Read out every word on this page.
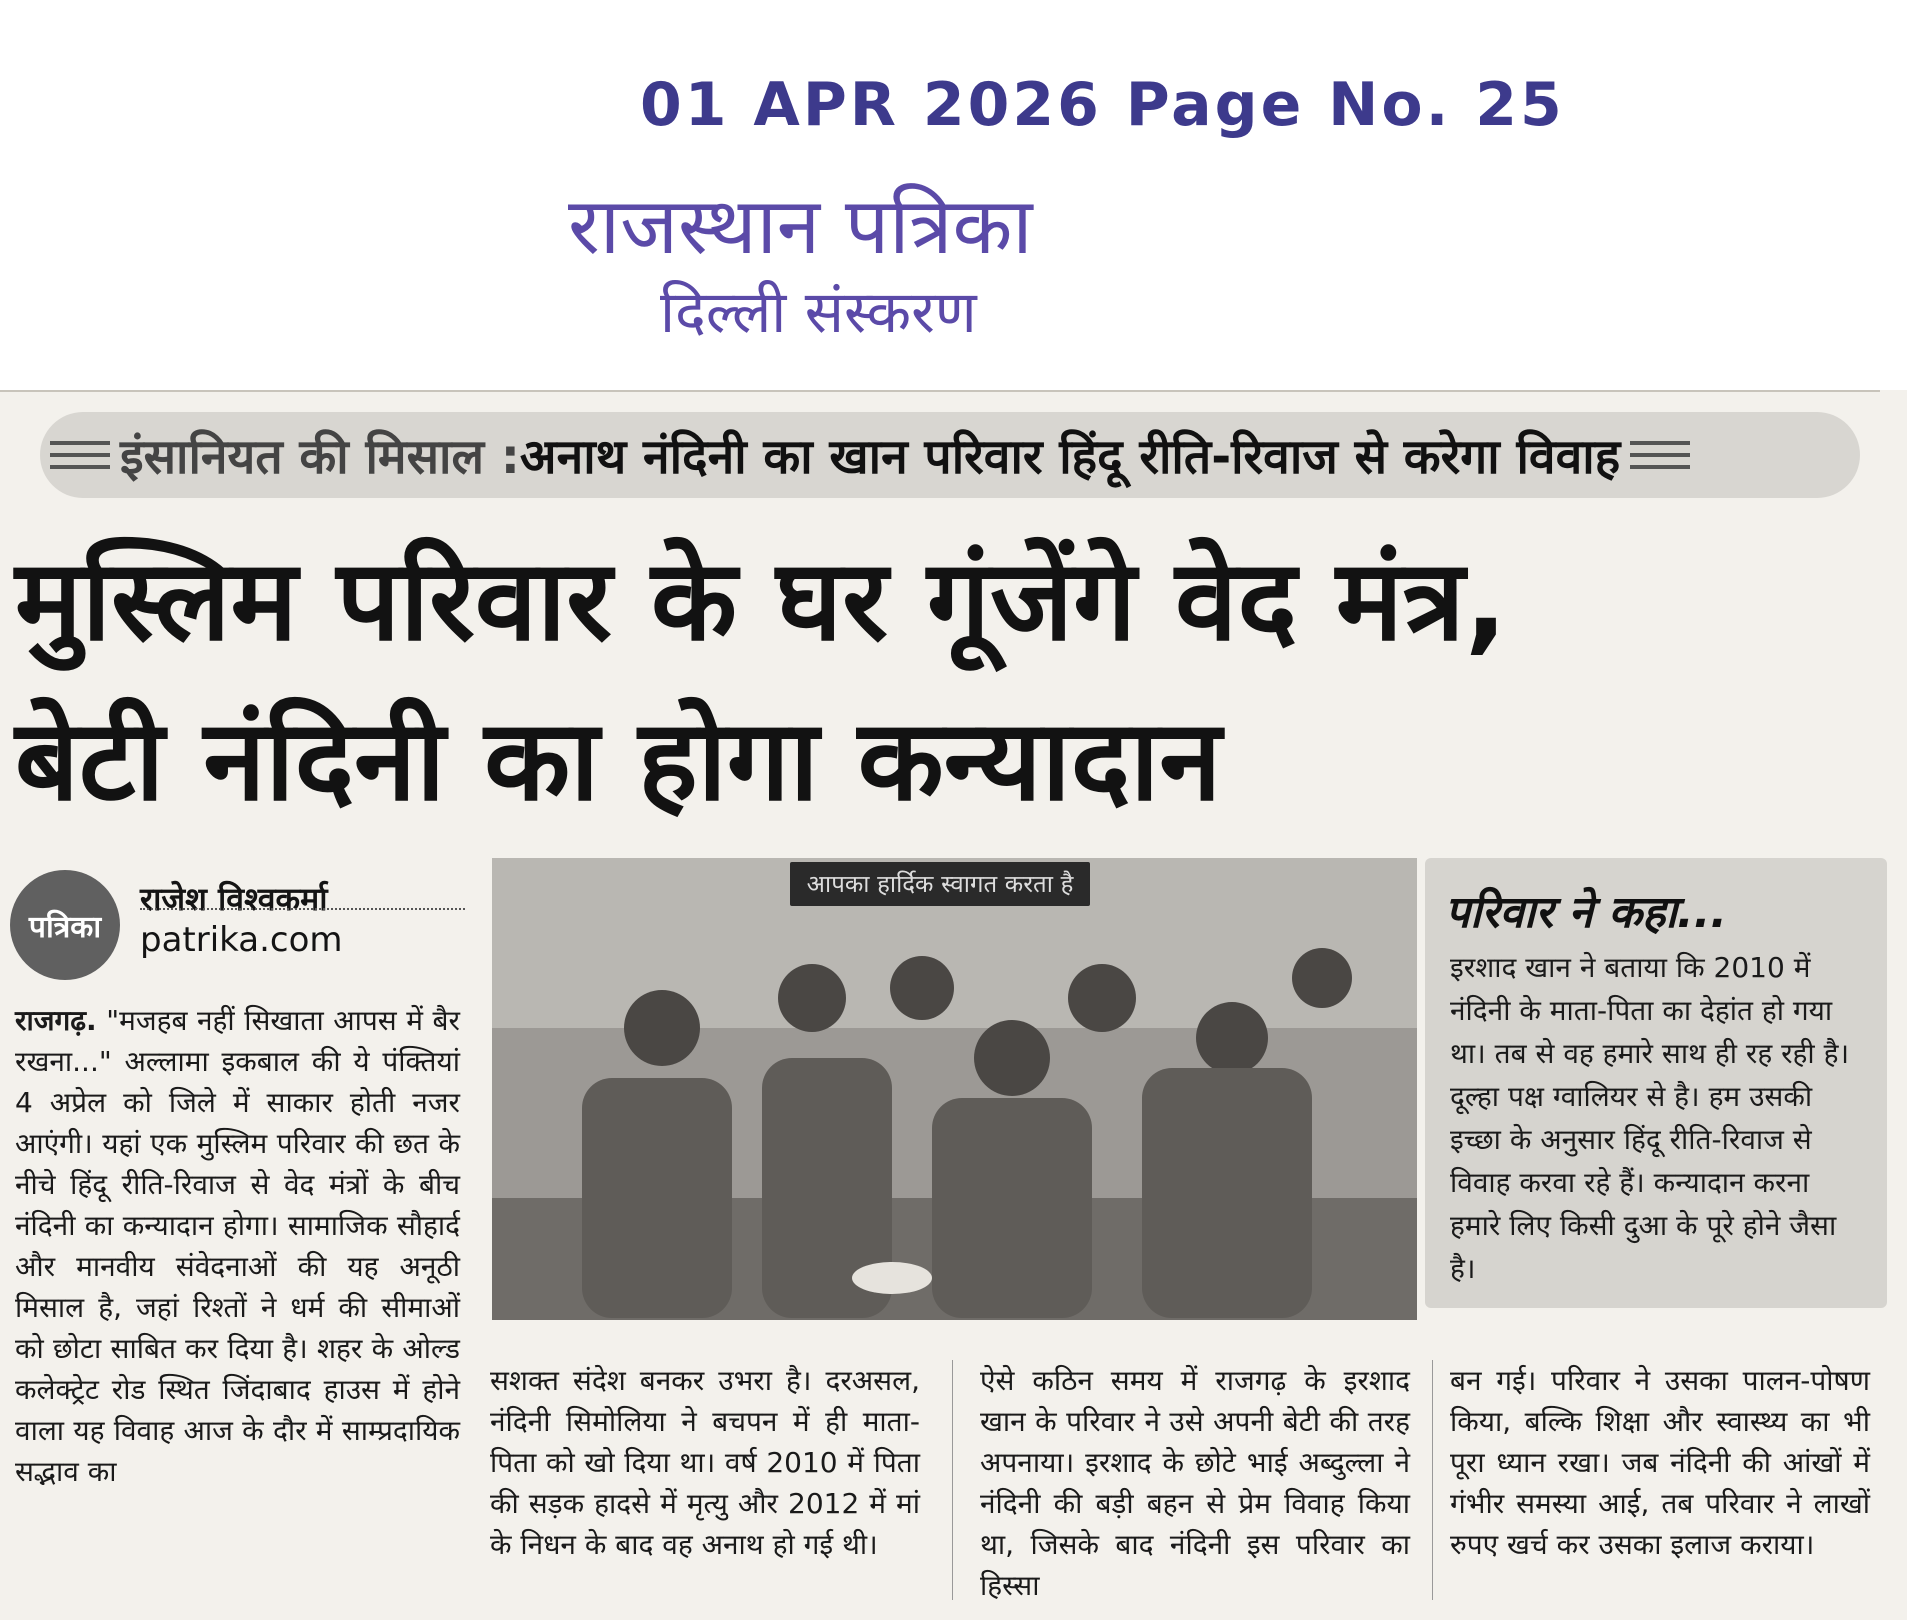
01 APR 2026 Page No. 25
राजस्थान पत्रिका
दिल्ली संस्करण
इंसानियत की मिसाल : अनाथ नंदिनी का खान परिवार हिंदू रीति-रिवाज से करेगा विवाह
मुस्लिम परिवार के घर गूंजेंगे वेद मंत्र,
बेटी नंदिनी का होगा कन्यादान
पत्रिका
राजेश विश्वकर्मा
patrika.com
राजगढ़. "मजहब नहीं सिखाता आपस में बैर रखना..." अल्लामा इकबाल की ये पंक्तियां 4 अप्रेल को जिले में साकार होती नजर आएंगी। यहां एक मुस्लिम परिवार की छत के नीचे हिंदू रीति-रिवाज से वेद मंत्रों के बीच नंदिनी का कन्यादान होगा। सामाजिक सौहार्द और मानवीय संवेदनाओं की यह अनूठी मिसाल है, जहां रिश्तों ने धर्म की सीमाओं को छोटा साबित कर दिया है। शहर के ओल्ड कलेक्ट्रेट रोड स्थित जिंदाबाद हाउस में होने वाला यह विवाह आज के दौर में साम्प्रदायिक सद्भाव का
आपका हार्दिक स्वागत करता है
परिवार ने कहा...
इरशाद खान ने बताया कि 2010 में नंदिनी के माता-पिता का देहांत हो गया था। तब से वह हमारे साथ ही रह रही है। दूल्हा पक्ष ग्वालियर से है। हम उसकी इच्छा के अनुसार हिंदू रीति-रिवाज से विवाह करवा रहे हैं। कन्यादान करना हमारे लिए किसी दुआ के पूरे होने जैसा है।
सशक्त संदेश बनकर उभरा है। दरअसल, नंदिनी सिमोलिया ने बचपन में ही माता-पिता को खो दिया था। वर्ष 2010 में पिता की सड़क हादसे में मृत्यु और 2012 में मां के निधन के बाद वह अनाथ हो गई थी।
ऐसे कठिन समय में राजगढ़ के इरशाद खान के परिवार ने उसे अपनी बेटी की तरह अपनाया। इरशाद के छोटे भाई अब्दुल्ला ने नंदिनी की बड़ी बहन से प्रेम विवाह किया था, जिसके बाद नंदिनी इस परिवार का हिस्सा
बन गई। परिवार ने उसका पालन-पोषण किया, बल्कि शिक्षा और स्वास्थ्य का भी पूरा ध्यान रखा। जब नंदिनी की आंखों में गंभीर समस्या आई, तब परिवार ने लाखों रुपए खर्च कर उसका इलाज कराया।
